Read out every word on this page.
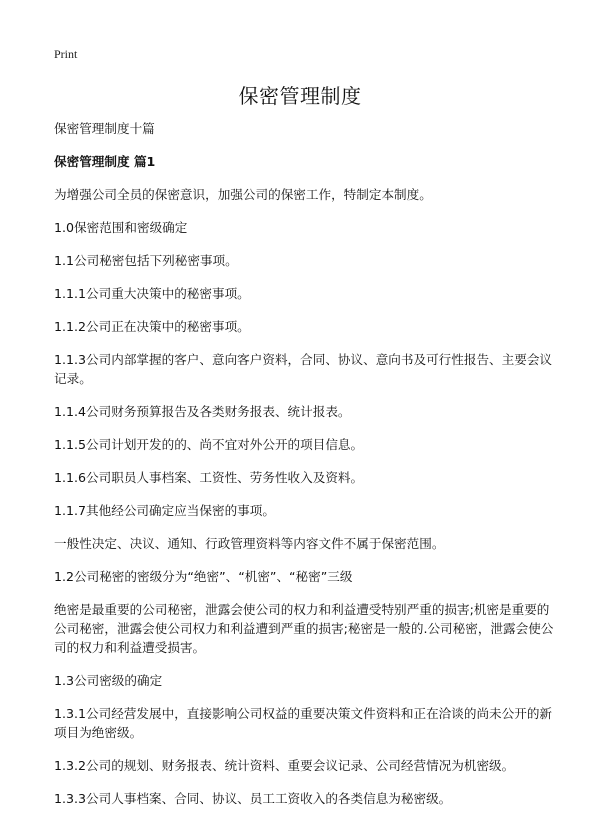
Print
保密管理制度

保密管理制度十篇

保密管理制度 篇1

为增强公司全员的保密意识，加强公司的保密工作，特制定本制度。

1.0保密范围和密级确定

1.1公司秘密包括下列秘密事项。

1.1.1公司重大决策中的秘密事项。

1.1.2公司正在决策中的秘密事项。

1.1.3公司内部掌握的客户、意向客户资料，合同、协议、意向书及可行性报告、主要会议记录。

1.1.4公司财务预算报告及各类财务报表、统计报表。

1.1.5公司计划开发的的、尚不宜对外公开的项目信息。

1.1.6公司职员人事档案、工资性、劳务性收入及资料。

1.1.7其他经公司确定应当保密的事项。

一般性决定、决议、通知、行政管理资料等内容文件不属于保密范围。

1.2公司秘密的密级分为“绝密”、“机密”、“秘密”三级

绝密是最重要的公司秘密，泄露会使公司的权力和利益遭受特别严重的损害;机密是重要的公司秘密，泄露会使公司权力和利益遭到严重的损害;秘密是一般的.公司秘密，泄露会使公司的权力和利益遭受损害。

1.3公司密级的确定

1.3.1公司经营发展中，直接影响公司权益的重要决策文件资料和正在洽谈的尚未公开的新项目为绝密级。

1.3.2公司的规划、财务报表、统计资料、重要会议记录、公司经营情况为机密级。

1.3.3公司人事档案、合同、协议、员工工资收入的各类信息为秘密级。
